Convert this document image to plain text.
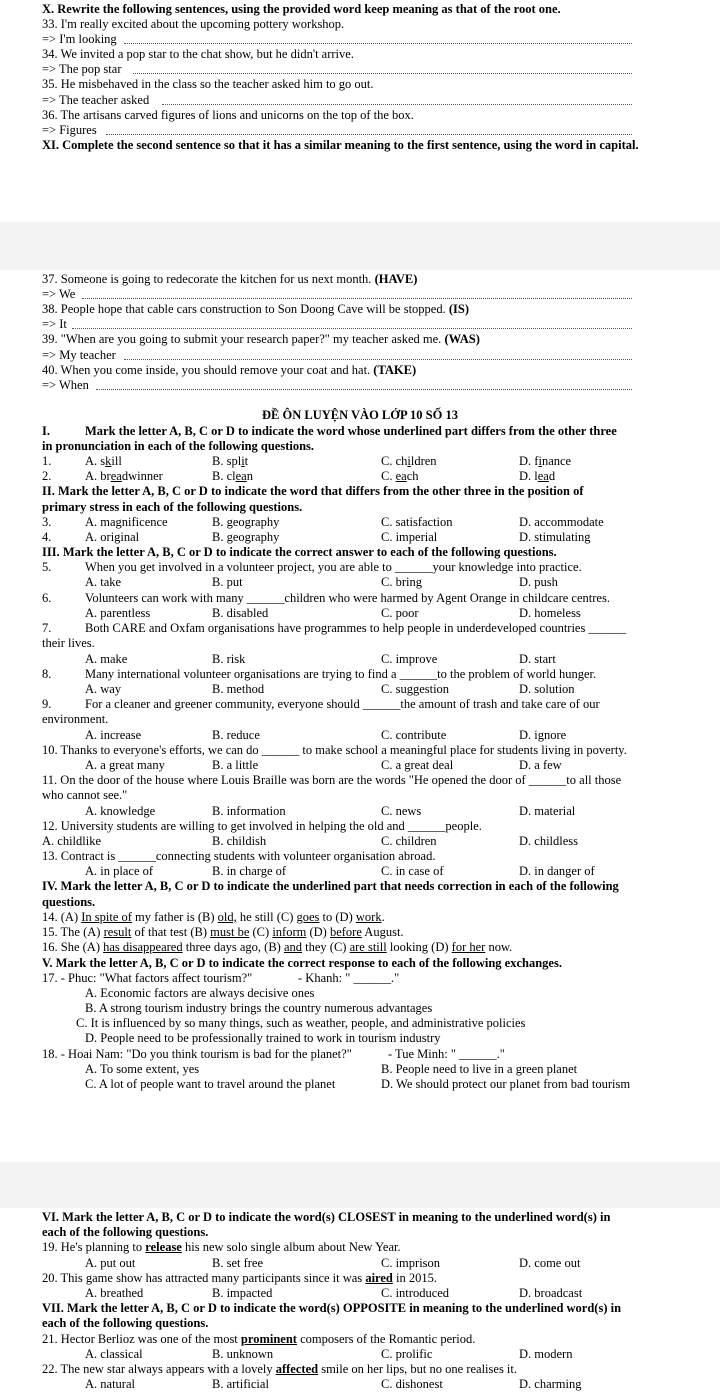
X. Rewrite the following sentences, using the provided word keep meaning as that of the root one.
33. I'm really excited about the upcoming pottery workshop.
=> I'm looking
34. We invited a pop star to the chat show, but he didn't arrive.
=> The pop star
35. He misbehaved in the class so the teacher asked him to go out.
=> The teacher asked
36. The artisans carved figures of lions and unicorns on the top of the box.
=> Figures
XI. Complete the second sentence so that it has a similar meaning to the first sentence, using the word in capital.
37. Someone is going to redecorate the kitchen for us next month. (HAVE)
=> We
38. People hope that cable cars construction to Son Doong Cave will be stopped. (IS)
=> It
39. "When are you going to submit your research paper?" my teacher asked me. (WAS)
=> My teacher
40. When you come inside, you should remove your coat and hat. (TAKE)
=> When
ĐỀ ÔN LUYỆN VÀO LỚP 10 SỐ 13
I.	Mark the letter A, B, C or D to indicate the word whose underlined part differs from the other three
in pronunciation in each of the following questions.
1.	A. skill	B. split	C. children	D. finance
2.	A. breadwinner	B. clean	C. each	D. lead
II. Mark the letter A, B, C or D to indicate the word that differs from the other three in the position of
primary stress in each of the following questions.
3.	A. magnificence	B. geography	C. satisfaction	D. accommodate
4.	A. original	B. geography	C. imperial	D. stimulating
III. Mark the letter A, B, C or D to indicate the correct answer to each of the following questions.
5.	When you get involved in a volunteer project, you are able to ______your knowledge into practice.
A. take	B. put	C. bring	D. push
6.	Volunteers can work with many ______children who were harmed by Agent Orange in childcare centres.
A. parentless	B. disabled	C. poor	D. homeless
7.	Both CARE and Oxfam organisations have programmes to help people in underdeveloped countries ______
their lives.
A. make	B. risk	C. improve	D. start
8.	Many international volunteer organisations are trying to find a ______to the problem of world hunger.
A. way	B. method	C. suggestion	D. solution
9.	For a cleaner and greener community, everyone should ______the amount of trash and take care of our
environment.
A. increase	B. reduce	C. contribute	D. ignore
10. Thanks to everyone's efforts, we can do ______ to make school a meaningful place for students living in poverty.
A. a great many	B. a little	C. a great deal	D. a few
11. On the door of the house where Louis Braille was born are the words "He opened the door of ______to all those
who cannot see."
A. knowledge	B. information	C. news	D. material
12. University students are willing to get involved in helping the old and ______people.
A. childlike	B. childish	C. children	D. childless
13. Contract is ______connecting students with volunteer organisation abroad.
A. in place of	B. in charge of	C. in case of	D. in danger of
IV. Mark the letter A, B, C or D to indicate the underlined part that needs correction in each of the following
questions.
14. (A) In spite of my father is (B) old, he still (C) goes to (D) work.
15. The (A) result of that test (B) must be (C) inform (D) before August.
16. She (A) has disappeared three days ago, (B) and they (C) are still looking (D) for her now.
V. Mark the letter A, B, C or D to indicate the correct response to each of the following exchanges.
17. - Phuc: "What factors affect tourism?"	- Khanh: " ______."
A. Economic factors are always decisive ones
B. A strong tourism industry brings the country numerous advantages
C. It is influenced by so many things, such as weather, people, and administrative policies
D. People need to be professionally trained to work in tourism industry
18. - Hoai Nam: "Do you think tourism is bad for the planet?"	- Tue Minh: " ______."
A. To some extent, yes	B. People need to live in a green planet
C. A lot of people want to travel around the planet	D. We should protect our planet from bad tourism
VI. Mark the letter A, B, C or D to indicate the word(s) CLOSEST in meaning to the underlined word(s) in
each of the following questions.
19. He's planning to release his new solo single album about New Year.
A. put out	B. set free	C. imprison	D. come out
20. This game show has attracted many participants since it was aired in 2015.
A. breathed	B. impacted	C. introduced	D. broadcast
VII. Mark the letter A, B, C or D to indicate the word(s) OPPOSITE in meaning to the underlined word(s) in
each of the following questions.
21. Hector Berlioz was one of the most prominent composers of the Romantic period.
A. classical	B. unknown	C. prolific	D. modern
22. The new star always appears with a lovely affected smile on her lips, but no one realises it.
A. natural	B. artificial	C. dishonest	D. charming
